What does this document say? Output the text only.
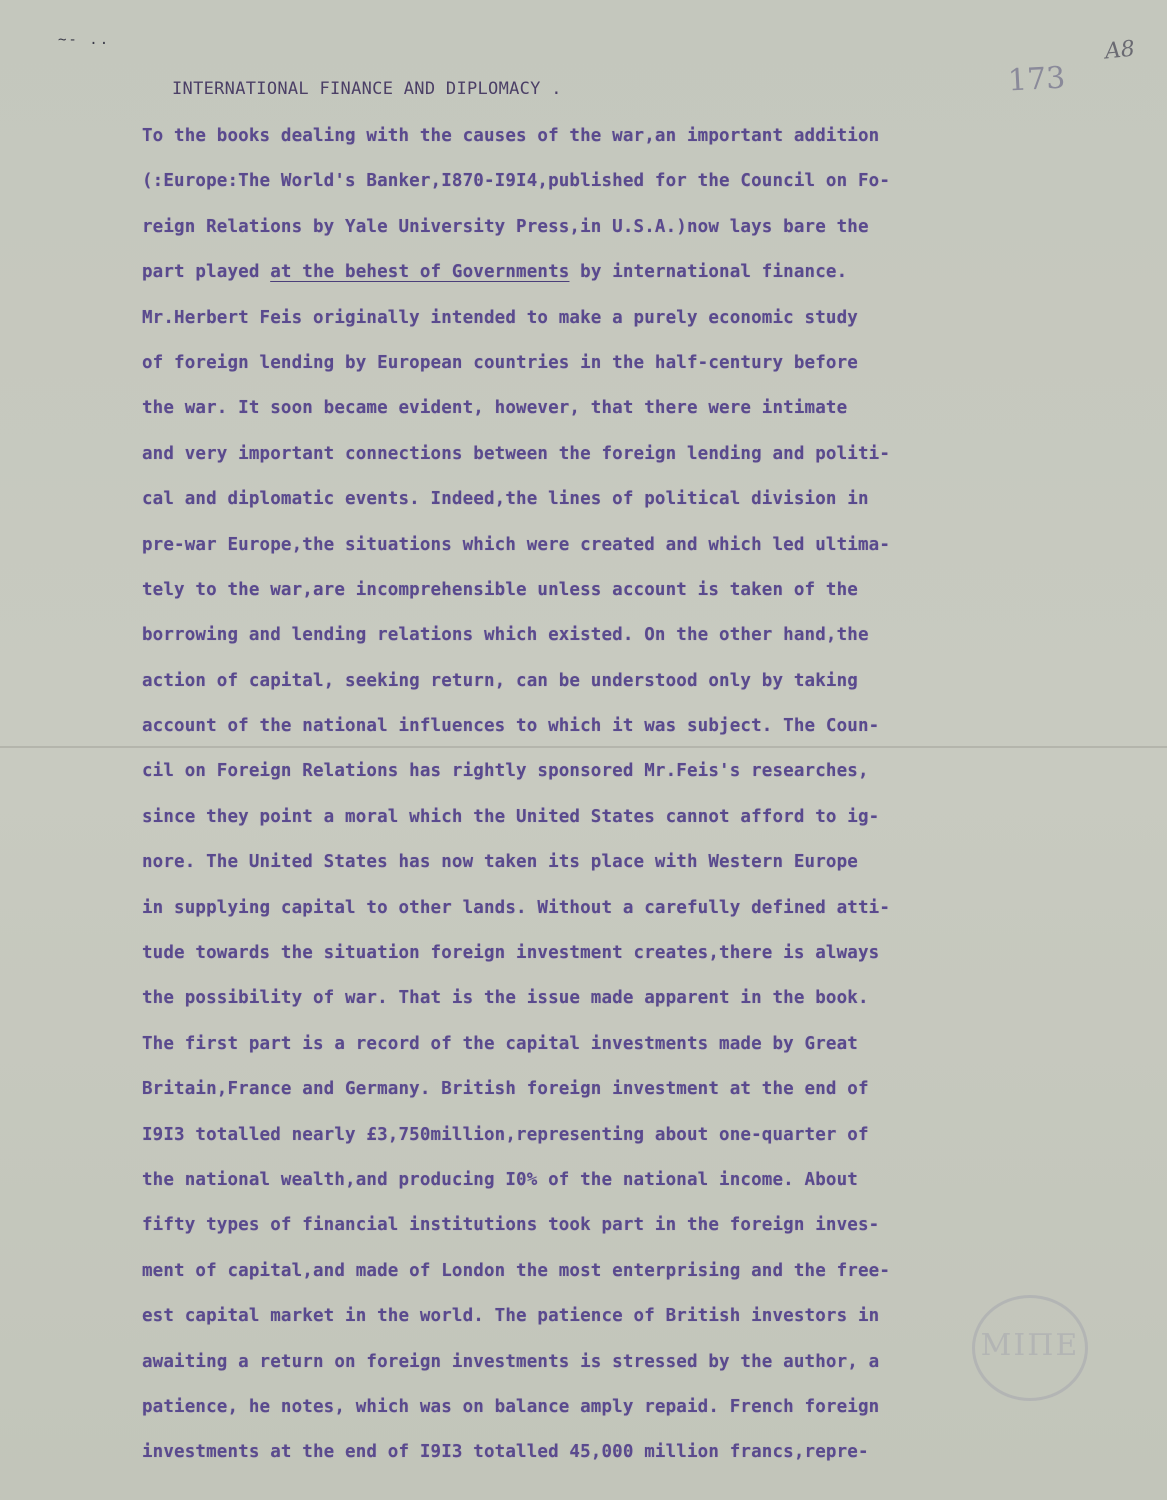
~- ..
173
A8
INTERNATIONAL FINANCE AND DIPLOMACY .
To the books dealing with the causes of the war,an important addition
(:Europe:The World's Banker,I870-I9I4,published for the Council on Fo-
reign Relations by Yale University Press,in U.S.A.)now lays bare the
part played at the behest of Governments by international finance.
Mr.Herbert Feis originally intended to make a purely economic study
of foreign lending by European countries in the half-century before
the war. It soon became evident, however, that there were intimate
and very important connections between the foreign lending and politi-
cal and diplomatic events. Indeed,the lines of political division in
pre-war Europe,the situations which were created and which led ultima-
tely to the war,are incomprehensible unless account is taken of the
borrowing and lending relations which existed. On the other hand,the
action of capital, seeking return, can be understood only by taking
account of the national influences to which it was subject. The Coun-
cil on Foreign Relations has rightly sponsored Mr.Feis's researches,
since they point a moral which the United States cannot afford to ig-
nore. The United States has now taken its place with Western Europe
in supplying capital to other lands. Without a carefully defined atti-
tude towards the situation foreign investment creates,there is always
the possibility of war. That is the issue made apparent in the book.
The first part is a record of the capital investments made by Great
Britain,France and Germany. British foreign investment at the end of
I9I3 totalled nearly £3,750million,representing about one-quarter of
the national wealth,and producing I0% of the national income. About
fifty types of financial institutions took part in the foreign inves-
ment of capital,and made of London the most enterprising and the free-
est capital market in the world. The patience of British investors in
awaiting a return on foreign investments is stressed by the author, a
patience, he notes, which was on balance amply repaid. French foreign
investments at the end of I9I3 totalled 45,000 million francs,repre-
ΜΙΠΕ
